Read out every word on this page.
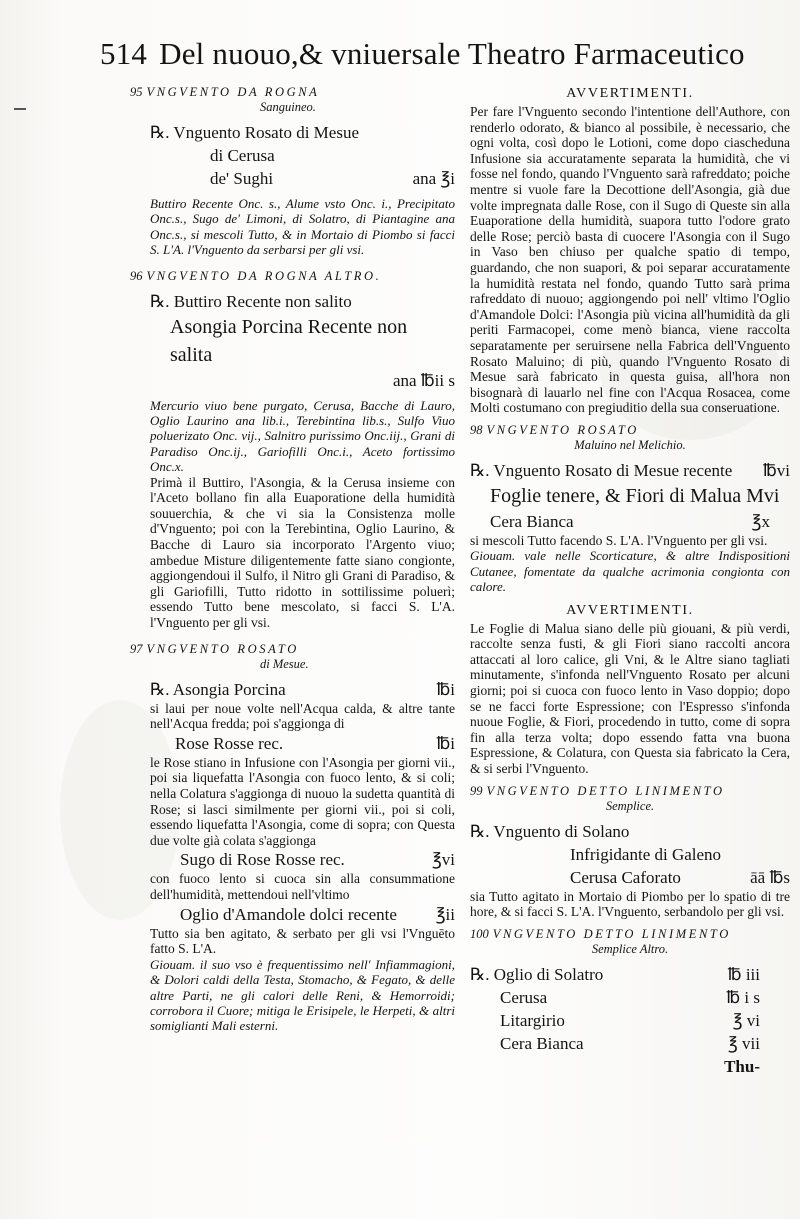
514 Del nuouo,& vniuersale Theatro Farmaceutico
95 VNGVENTO DA ROGNA
Sanguineo.
℞. Vnguento Rosato di Mesue
di Cerusa
de' Sughi	ana ℥i
Buttiro Recente Onc. s., Alume vsto Onc. i., Precipitato Onc.s., Sugo de' Limoni, di Solatro, di Piantagine ana Onc.s., si mescoli Tutto, & in Mortaio di Piombo si facci S. L'A. l'Vnguento da serbarsi per gli vsi.
96 VNGVENTO DA ROGNA ALTRO.
℞. Buttiro Recente non salito
Asongia Porcina Recente non salita
ana ℔ii s
Mercurio viuo bene purgato, Cerusa, Bacche di Lauro, Oglio Laurino ana lib.i., Terebintina lib.s., Sulfo Viuo poluerizato Onc. vij., Salnitro purissimo Onc.iij., Grani di Paradiso Onc.ij., Gariofilli Onc.i., Aceto fortissimo Onc.x.
Primà il Buttiro, l'Asongia, & la Cerusa insieme con l'Aceto bollano fin alla Euaporatione della humidità souuerchia, & che vi sia la Consistenza molle d'Vnguento; poi con la Terebintina, Oglio Laurino, & Bacche di Lauro sia incorporato l'Argento viuo; ambedue Misture diligentemente fatte siano congionte, aggiongendoui il Sulfo, il Nitro gli Grani di Paradiso, & gli Gariofilli, Tutto ridotto in sottilissime poluerì; essendo Tutto bene mescolato, si facci S. L'A. l'Vnguento per gli vsi.
97 VNGVENTO ROSATO
di Mesue.
℞. Asongia Porcina	℔i
si laui per noue volte nell'Acqua calda, & altre tante nell'Acqua fredda; poi s'aggionga di
Rose Rosse rec.	℔i
le Rose stiano in Infusione con l'Asongia per giorni vii., poi sia liquefatta l'Asongia con fuoco lento, & si coli; nella Colatura s'aggionga di nuouo la sudetta quantità di Rose; si lasci similmente per giorni vii., poi si coli, essendo liquefatta l'Asongia, come di sopra; con Questa due volte già colata s'aggionga
Sugo di Rose Rosse rec.	℥vi
con fuoco lento si cuoca sin alla consummatione dell'humidità, mettendoui nell'vltimo
Oglio d'Amandole dolci recente ℥ii
Tutto sia ben agitato, & serbato per gli vsi l'Vnguēto fatto S. L'A.
Giouam. il suo vso è frequentissimo nell' Infiammagioni, & Dolori caldi della Testa, Stomacho, & Fegato, & delle altre Parti, ne gli calori delle Reni, & Hemorroidi; corrobora il Cuore; mitiga le Erisipele, le Herpeti, & altri somiglianti Mali esterni.
AVVERTIMENTI.
Per fare l'Vnguento secondo l'intentione dell'Authore, con renderlo odorato, & bianco al possibile, è necessario, che ogni volta, così dopo le Lotioni, come dopo ciascheduna Infusione sia accuratamente separata la humidità, che vi fosse nel fondo, quando l'Vnguento sarà rafreddato; poiche mentre si vuole fare la Decottione dell'Asongia, già due volte impregnata dalle Rose, con il Sugo di Queste sin alla Euaporatione della humidità, suapora tutto l'odore grato delle Rose; perciò basta di cuocere l'Asongia con il Sugo in Vaso ben chiuso per qualche spatio di tempo, guardando, che non suapori, & poi separar accuratamente la humidità restata nel fondo, quando Tutto sarà prima rafreddato di nuouo; aggiongendo poi nell' vltimo l'Oglio d'Amandole Dolci: l'Asongia più vicina all'humidità da gli periti Farmacopei, come menò bianca, viene raccolta separatamente per seruirsene nella Fabrica dell'Vnguento Rosato Maluino; di più, quando l'Vnguento Rosato di Mesue sarà fabricato in questa guisa, all'hora non bisognarà di lauarlo nel fine con l'Acqua Rosacea, come Molti costumano con pregiuditio della sua conseruatione.
98 VNGVENTO ROSATO
Maluino nel Melichio.
℞. Vnguento Rosato di Mesue recente ℔vi
Foglie tenere, & Fiori di Malua Mvi
Cera Bianca	℥x
si mescoli Tutto facendo S. L'A. l'Vnguento per gli vsi.
Giouam. vale nelle Scorticature, & altre Indispositioni Cutanee, fomentate da qualche acrimonia congionta con calore.
AVVERTIMENTI.
Le Foglie di Malua siano delle più giouani, & più verdi, raccolte senza fusti, & gli Fiori siano raccolti ancora attaccati al loro calice, gli Vni, & le Altre siano tagliati minutamente, s'infonda nell'Vnguento Rosato per alcuni giorni; poi si cuoca con fuoco lento in Vaso doppio; dopo se ne facci forte Espressione; con l'Espresso s'infonda nuoue Foglie, & Fiori, procedendo in tutto, come di sopra fin alla terza volta; dopo essendo fatta vna buona Espressione, & Colatura, con Questa sia fabricato la Cera, & si serbi l'Vnguento.
99 VNGVENTO DETTO LINIMENTO
Semplice.
℞. Vnguento di Solano
Infrigidante di Galeno
Cerusa Caforato	āā ℔s
sia Tutto agitato in Mortaio di Piombo per lo spatio di tre hore, & si facci S. L'A. l'Vnguento, serbandolo per gli vsi.
100 VNGVENTO DETTO LINIMENTO
Semplice Altro.
℞. Oglio di Solatro	℔ iii
Cerusa	℔ i s
Litargirio	℥ vi
Cera Bianca	℥ vii
Thu-
